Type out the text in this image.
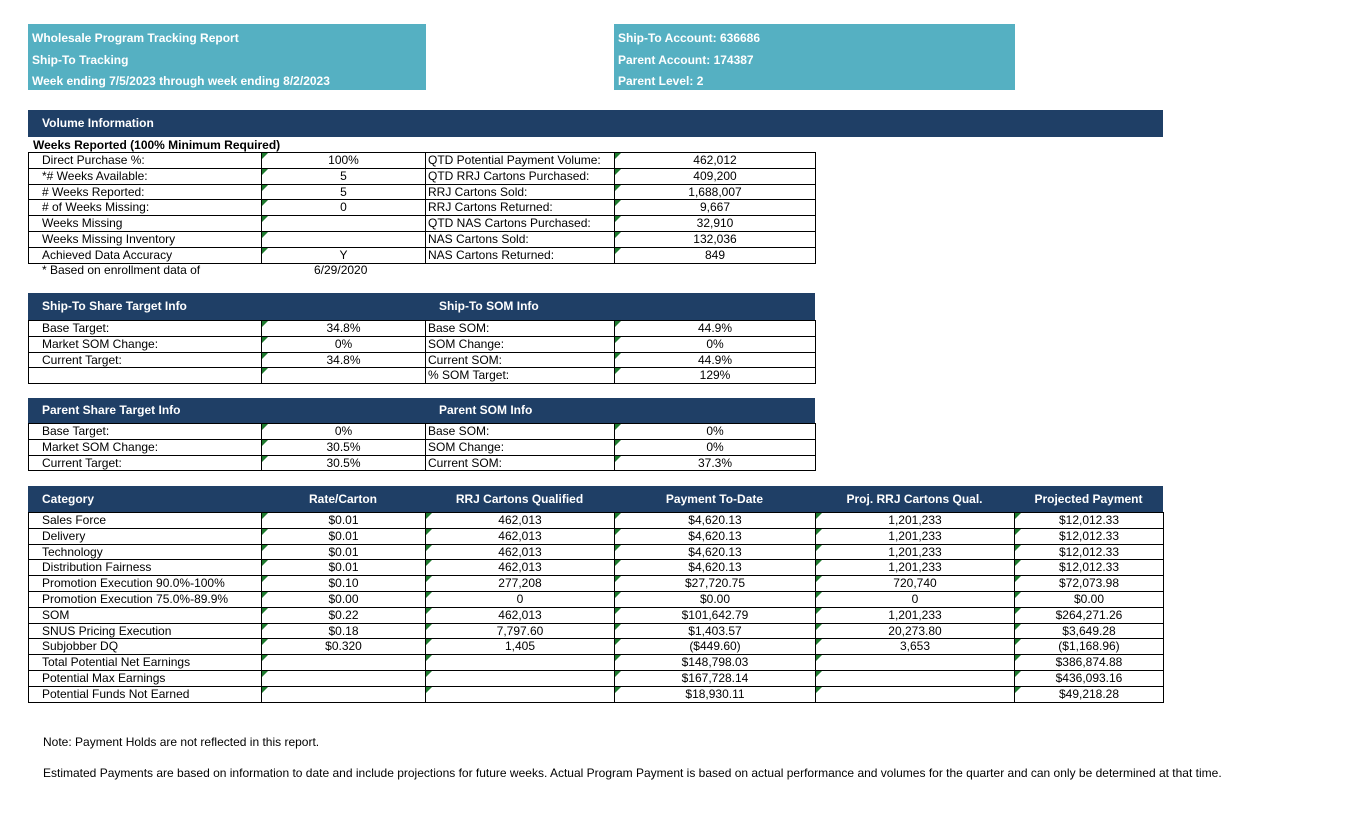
Wholesale Program Tracking Report
Ship-To Tracking
Week ending 7/5/2023 through week ending 8/2/2023
Ship-To Account: 636686
Parent Account: 174387
Parent Level: 2
Volume Information
Weeks Reported (100% Minimum Required)
Direct Purchase %:	100%	QTD Potential Payment Volume:	462,012
*# Weeks Available:	5	QTD RRJ Cartons Purchased:	409,200
# Weeks Reported:	5	RRJ Cartons Sold:	1,688,007
# of Weeks Missing:	0	RRJ Cartons Returned:	9,667
Weeks Missing		QTD NAS Cartons Purchased:	32,910
Weeks Missing Inventory		NAS Cartons Sold:	132,036
Achieved Data Accuracy	Y	NAS Cartons Returned:	849
* Based on enrollment data of	6/29/2020
Ship-To Share Target Info	Ship-To SOM Info
Base Target:	34.8%	Base SOM:	44.9%
Market SOM Change:	0%	SOM Change:	0%
Current Target:	34.8%	Current SOM:	44.9%
		% SOM Target:	129%
Parent Share Target Info	Parent SOM Info
Base Target:	0%	Base SOM:	0%
Market SOM Change:	30.5%	SOM Change:	0%
Current Target:	30.5%	Current SOM:	37.3%
Category	Rate/Carton	RRJ Cartons Qualified	Payment To-Date	Proj. RRJ Cartons Qual.	Projected Payment
Sales Force	$0.01	462,013	$4,620.13	1,201,233	$12,012.33
Delivery	$0.01	462,013	$4,620.13	1,201,233	$12,012.33
Technology	$0.01	462,013	$4,620.13	1,201,233	$12,012.33
Distribution Fairness	$0.01	462,013	$4,620.13	1,201,233	$12,012.33
Promotion Execution 90.0%-100%	$0.10	277,208	$27,720.75	720,740	$72,073.98
Promotion Execution 75.0%-89.9%	$0.00	0	$0.00	0	$0.00
SOM	$0.22	462,013	$101,642.79	1,201,233	$264,271.26
SNUS Pricing Execution	$0.18	7,797.60	$1,403.57	20,273.80	$3,649.28
Subjobber DQ	$0.320	1,405	($449.60)	3,653	($1,168.96)
Total Potential Net Earnings			$148,798.03		$386,874.88
Potential Max Earnings			$167,728.14		$436,093.16
Potential Funds Not Earned			$18,930.11		$49,218.28
Note: Payment Holds are not reflected in this report.
Estimated Payments are based on information to date and include projections for future weeks. Actual Program Payment is based on actual performance and volumes for the quarter and can only be determined at that time.
